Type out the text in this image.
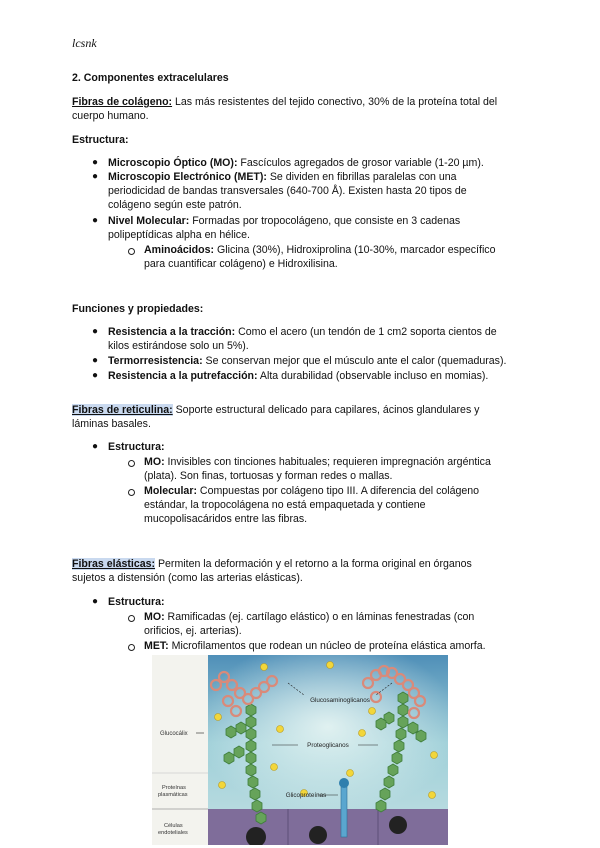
lcsnk
2. Componentes extracelulares
Fibras de colágeno: Las más resistentes del tejido conectivo, 30% de la proteína total del
cuerpo humano.
Estructura:
● Microscopio Óptico (MO): Fascículos agregados de grosor variable (1-20 µm).
● Microscopio Electrónico (MET): Se dividen en fibrillas paralelas con una
periodicidad de bandas transversales (640-700 Å). Existen hasta 20 tipos de
colágeno según este patrón.
● Nivel Molecular: Formadas por tropocolágeno, que consiste en 3 cadenas
polipeptídicas alpha en hélice.
Aminoácidos: Glicina (30%), Hidroxiprolina (10-30%, marcador específico
para cuantificar colágeno) e Hidroxilisina.
Funciones y propiedades:
● Resistencia a la tracción: Como el acero (un tendón de 1 cm2 soporta cientos de
kilos estirándose solo un 5%).
● Termorresistencia: Se conservan mejor que el músculo ante el calor (quemaduras).
● Resistencia a la putrefacción: Alta durabilidad (observable incluso en momias).
Fibras de reticulina: Soporte estructural delicado para capilares, ácinos glandulares y
láminas basales.
● Estructura:
MO: Invisibles con tinciones habituales; requieren impregnación argéntica
(plata). Son finas, tortuosas y forman redes o mallas.
Molecular: Compuestas por colágeno tipo III. A diferencia del colágeno
estándar, la tropocolágena no está empaquetada y contiene
mucopolisacáridos entre las fibras.
Fibras elásticas: Permiten la deformación y el retorno a la forma original en órganos
sujetos a distensión (como las arterias elásticas).
● Estructura:
MO: Ramificadas (ej. cartílago elástico) o en láminas fenestradas (con
orificios, ej. arterias).
MET: Microfilamentos que rodean un núcleo de proteína elástica amorfa.
Glucosaminoglicanos
Proteoglicanos
Glicoproteínas
Glucocálix
Proteínas
plasmáticas
Células
endoteliales
